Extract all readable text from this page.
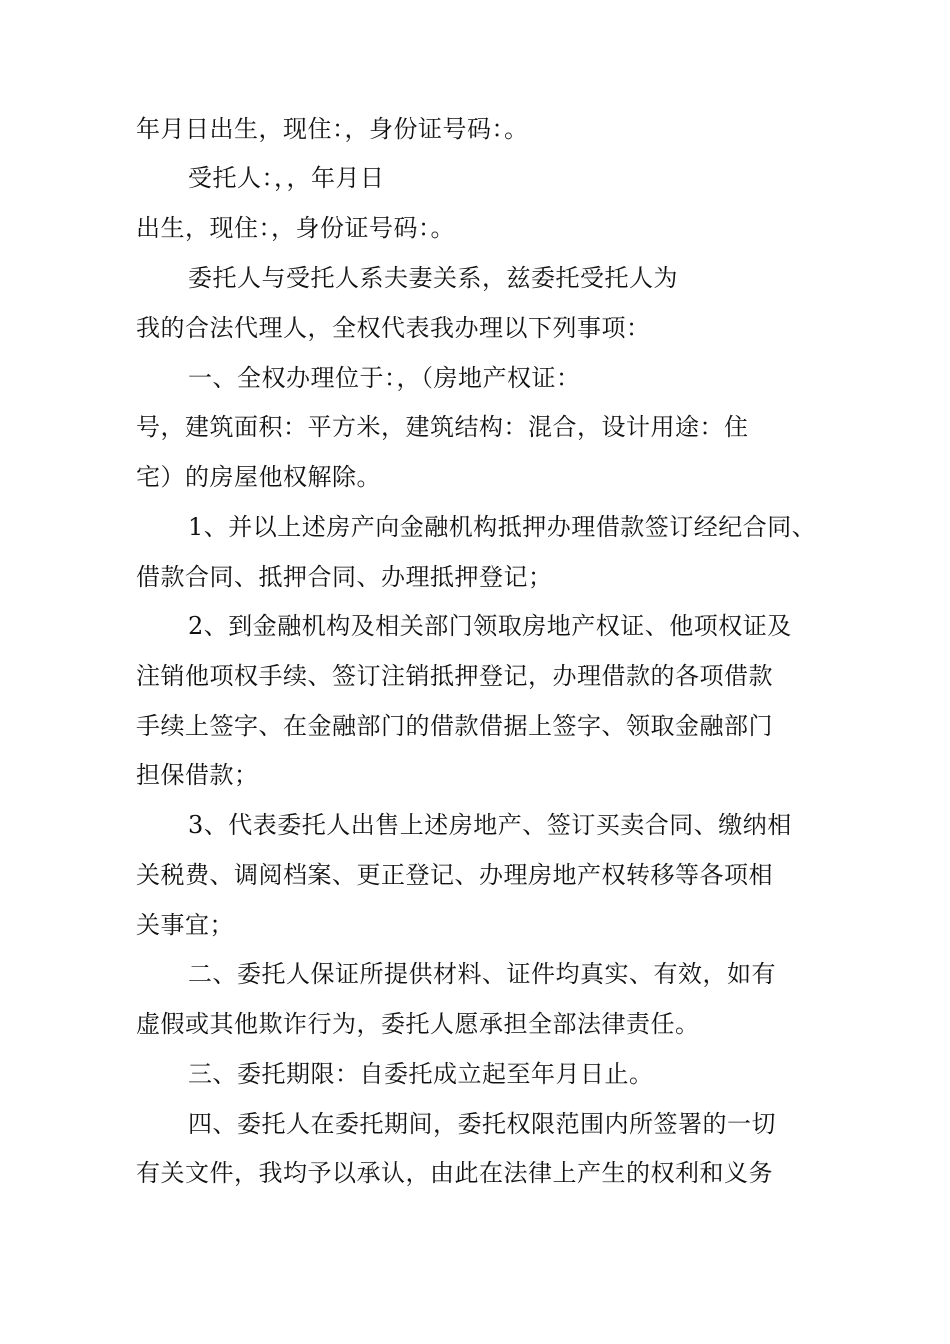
年月日出生，现住：，身份证号码：。
受托人：，，年月日
出生，现住：，身份证号码：。
委托人与受托人系夫妻关系，兹委托受托人为
我的合法代理人，全权代表我办理以下列事项：
一、全权办理位于：，（房地产权证：
号，建筑面积：平方米，建筑结构：混合，设计用途：住
宅）的房屋他权解除。
1、并以上述房产向金融机构抵押办理借款签订经纪合同、
借款合同、抵押合同、办理抵押登记；
2、到金融机构及相关部门领取房地产权证、他项权证及
注销他项权手续、签订注销抵押登记，办理借款的各项借款
手续上签字、在金融部门的借款借据上签字、领取金融部门
担保借款；
3、代表委托人出售上述房地产、签订买卖合同、缴纳相
关税费、调阅档案、更正登记、办理房地产权转移等各项相
关事宜；
二、委托人保证所提供材料、证件均真实、有效，如有
虚假或其他欺诈行为，委托人愿承担全部法律责任。
三、委托期限：自委托成立起至年月日止。
四、委托人在委托期间，委托权限范围内所签署的一切
有关文件，我均予以承认，由此在法律上产生的权利和义务
